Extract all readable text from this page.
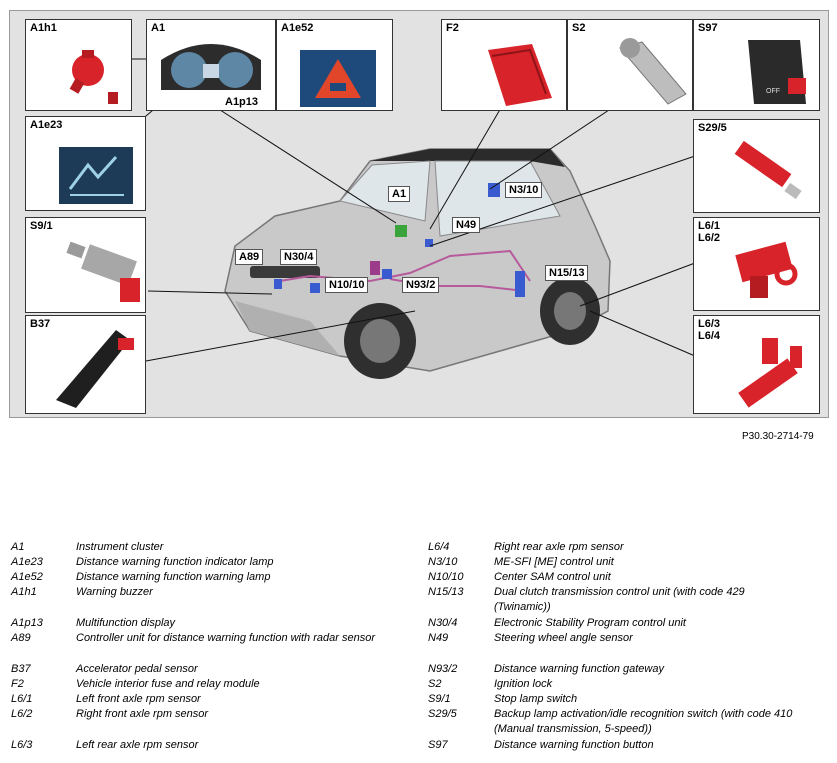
A1h1	A1
A1p13
A1e52	F2	S2	S97
OFF
A1e23	S29/5
S9/1	L6/1
L6/2
B37	L6/3
L6/4
A1	N3/10
N49
A89	N30/4
N10/10	N93/2
N15/13
P30.30-2714-79
A1	Instrument cluster
A1e23	Distance warning function indicator lamp
A1e52	Distance warning function warning lamp
A1h1	Warning buzzer
A1p13	Multifunction display
A89	Controller unit for distance warning function with radar sensor
B37	Accelerator pedal sensor
F2	Vehicle interior fuse and relay module
L6/1	Left front axle rpm sensor
L6/2	Right front axle rpm sensor
L6/3	Left rear axle rpm sensor
L6/4	Right rear axle rpm sensor
N3/10	ME-SFI [ME] control unit
N10/10	Center SAM control unit
N15/13	Dual clutch transmission control unit (with code 429 (Twinamic))
N30/4	Electronic Stability Program control unit
N49	Steering wheel angle sensor
N93/2	Distance warning function gateway
S2	Ignition lock
S9/1	Stop lamp switch
S29/5	Backup lamp activation/idle recognition switch (with code 410 (Manual transmission, 5-speed))
S97	Distance warning function button
